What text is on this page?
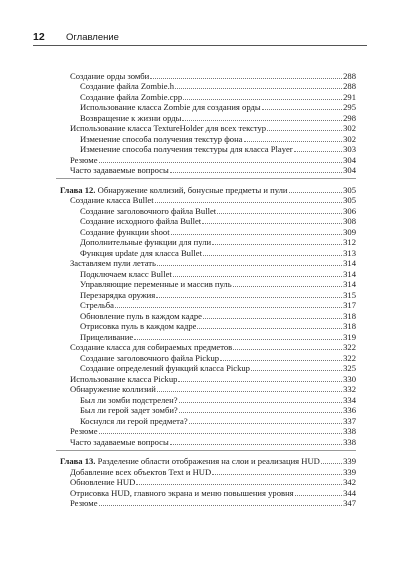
12 Оглавление
Создание орды зомби	288
Создание файла Zombie.h	288
Создание файла Zombie.cpp	291
Использование класса Zombie для создания орды	295
Возвращение к жизни орды	298
Использование класса TextureHolder для всех текстур	302
Изменение способа получения текстур фона	302
Изменение способа получения текстуры для класса Player	303
Резюме	304
Часто задаваемые вопросы	304
Глава 12. Обнаружение коллизий, бонусные предметы и пули	305
Создание класса Bullet	305
Создание заголовочного файла Bullet	306
Создание исходного файла Bullet	308
Создание функции shoot	309
Дополнительные функции для пули	312
Функция update для класса Bullet	313
Заставляем пули летать	314
Подключаем класс Bullet	314
Управляющие переменные и массив пуль	314
Перезарядка оружия	315
Стрельба	317
Обновление пуль в каждом кадре	318
Отрисовка пуль в каждом кадре	318
Прицеливание	319
Создание класса для собираемых предметов	322
Создание заголовочного файла Pickup	322
Создание определений функций класса Pickup	325
Использование класса Pickup	330
Обнаружение коллизий	332
Был ли зомби подстрелен?	334
Был ли герой задет зомби?	336
Коснулся ли герой предмета?	337
Резюме	338
Часто задаваемые вопросы	338
Глава 13. Разделение области отображения на слои и реализация HUD	339
Добавление всех объектов Text и HUD	339
Обновление HUD	342
Отрисовка HUD, главного экрана и меню повышения уровня	344
Резюме	347
